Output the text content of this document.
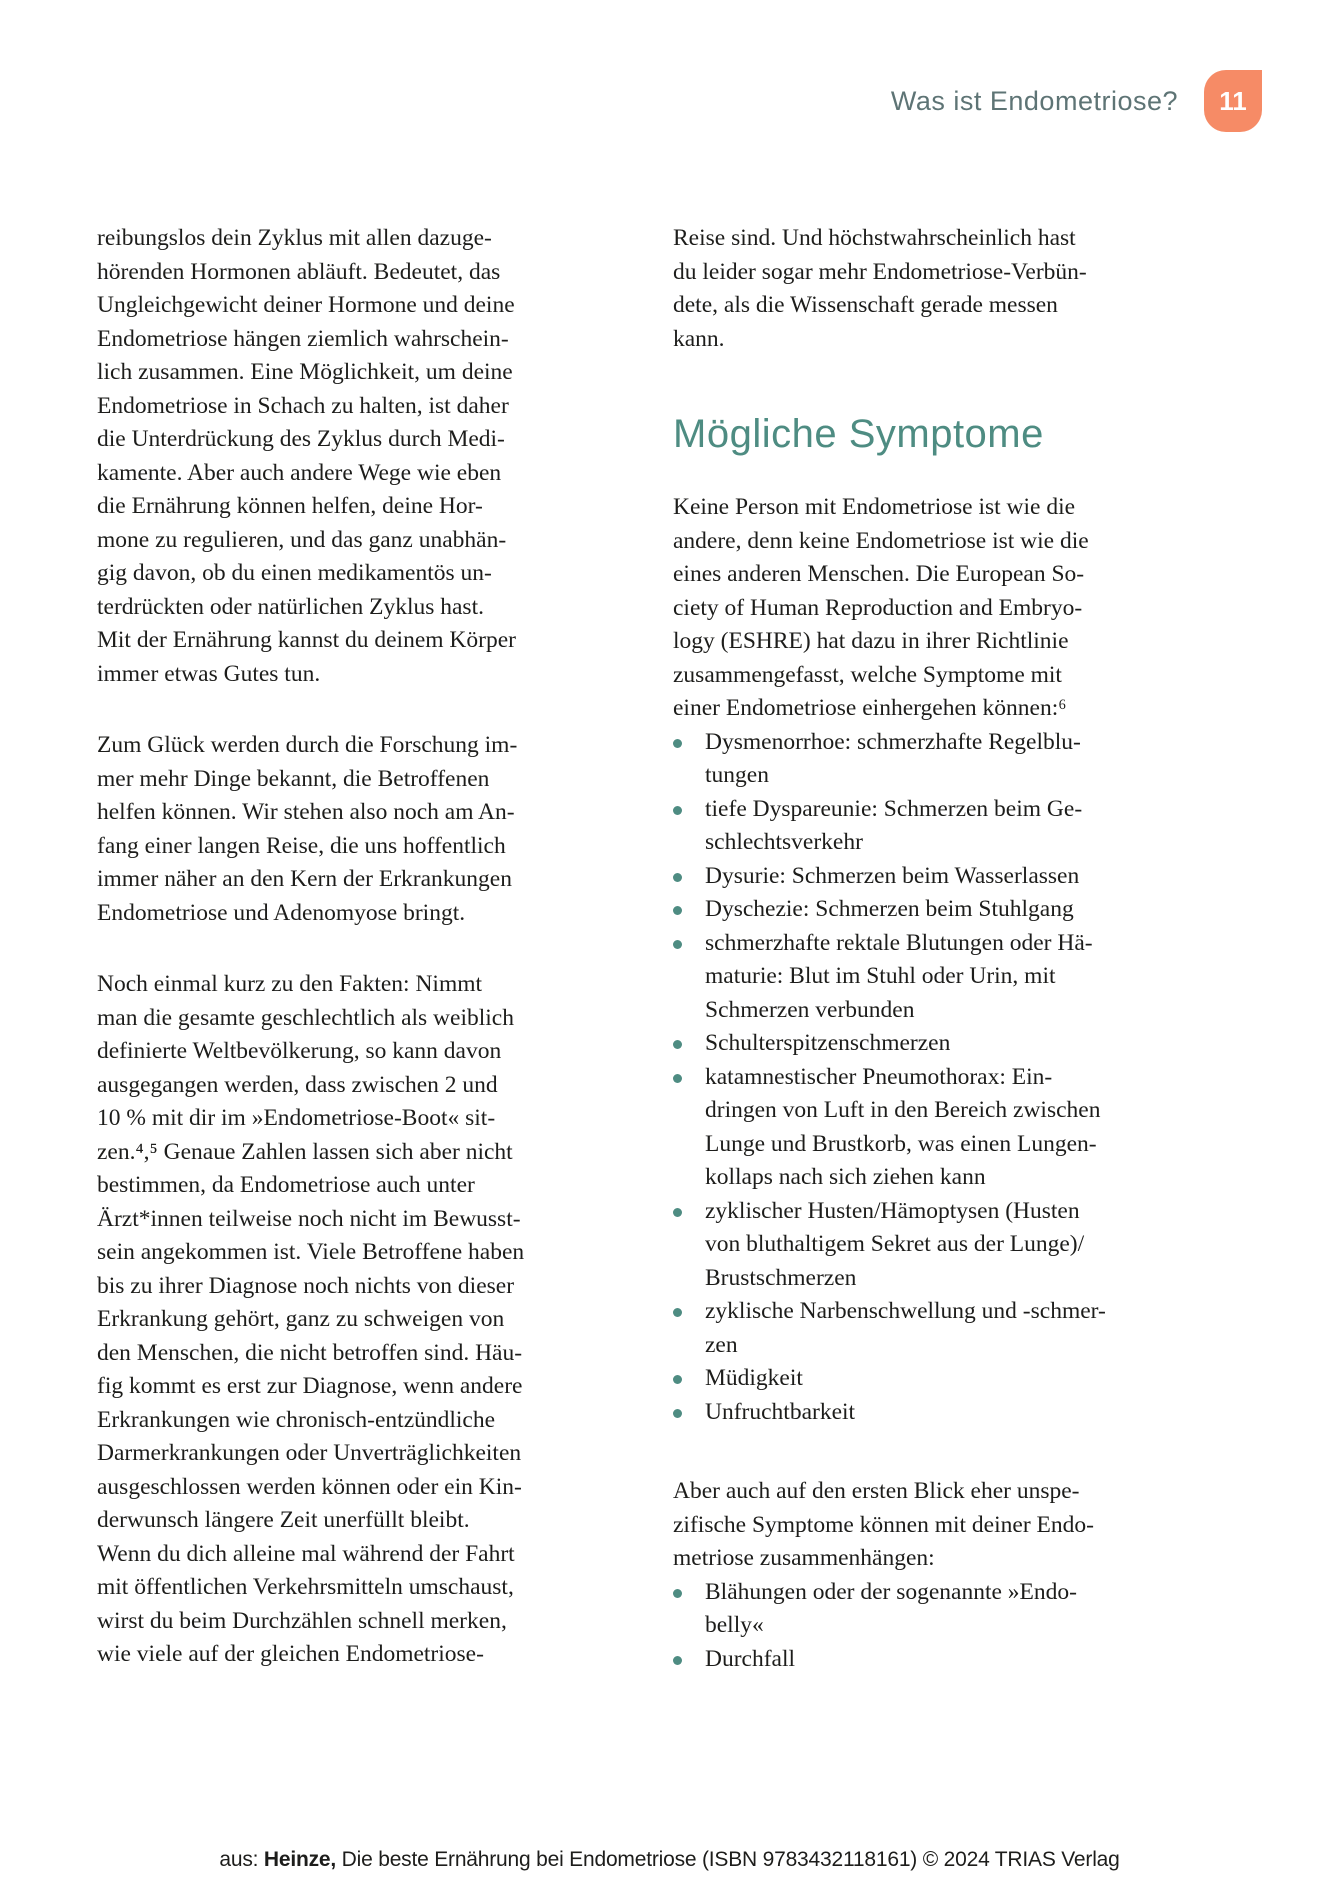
Was ist Endometriose? 11
reibungslos dein Zyklus mit allen dazuge-
hörenden Hormonen abläuft. Bedeutet, das
Ungleichgewicht deiner Hormone und deine
Endometriose hängen ziemlich wahrschein-
lich zusammen. Eine Möglichkeit, um deine
Endometriose in Schach zu halten, ist daher
die Unterdrückung des Zyklus durch Medi-
kamente. Aber auch andere Wege wie eben
die Ernährung können helfen, deine Hor-
mone zu regulieren, und das ganz unabhän-
gig davon, ob du einen medikamentös un-
terdrückten oder natürlichen Zyklus hast.
Mit der Ernährung kannst du deinem Körper
immer etwas Gutes tun.
Zum Glück werden durch die Forschung im-
mer mehr Dinge bekannt, die Betroffenen
helfen können. Wir stehen also noch am An-
fang einer langen Reise, die uns hoffentlich
immer näher an den Kern der Erkrankungen
Endometriose und Adenomyose bringt.
Noch einmal kurz zu den Fakten: Nimmt
man die gesamte geschlechtlich als weiblich
definierte Weltbevölkerung, so kann davon
ausgegangen werden, dass zwischen 2 und
10 % mit dir im »Endometriose-Boot« sit-
zen.⁴,⁵ Genaue Zahlen lassen sich aber nicht
bestimmen, da Endometriose auch unter
Ärzt*innen teilweise noch nicht im Bewusst-
sein angekommen ist. Viele Betroffene haben
bis zu ihrer Diagnose noch nichts von dieser
Erkrankung gehört, ganz zu schweigen von
den Menschen, die nicht betroffen sind. Häu-
fig kommt es erst zur Diagnose, wenn andere
Erkrankungen wie chronisch-entzündliche
Darmerkrankungen oder Unverträglichkeiten
ausgeschlossen werden können oder ein Kin-
derwunsch längere Zeit unerfüllt bleibt.
Wenn du dich alleine mal während der Fahrt
mit öffentlichen Verkehrsmitteln umschaust,
wirst du beim Durchzählen schnell merken,
wie viele auf der gleichen Endometriose-
Reise sind. Und höchstwahrscheinlich hast
du leider sogar mehr Endometriose-Verbün-
dete, als die Wissenschaft gerade messen
kann.
Mögliche Symptome
Keine Person mit Endometriose ist wie die
andere, denn keine Endometriose ist wie die
eines anderen Menschen. Die European So-
ciety of Human Reproduction and Embryo-
logy (ESHRE) hat dazu in ihrer Richtlinie
zusammengefasst, welche Symptome mit
einer Endometriose einhergehen können:⁶
Dysmenorrhoe: schmerzhafte Regelblu-
tungen
tiefe Dyspareunie: Schmerzen beim Ge-
schlechtsverkehr
Dysurie: Schmerzen beim Wasserlassen
Dyschezie: Schmerzen beim Stuhlgang
schmerzhafte rektale Blutungen oder Hä-
maturie: Blut im Stuhl oder Urin, mit
Schmerzen verbunden
Schulterspitzenschmerzen
katamnestischer Pneumothorax: Ein-
dringen von Luft in den Bereich zwischen
Lunge und Brustkorb, was einen Lungen-
kollaps nach sich ziehen kann
zyklischer Husten/Hämoptysen (Husten
von bluthaltigem Sekret aus der Lunge)/
Brustschmerzen
zyklische Narbenschwellung und -schmer-
zen
Müdigkeit
Unfruchtbarkeit
Aber auch auf den ersten Blick eher unspe-
zifische Symptome können mit deiner Endo-
metriose zusammenhängen:
Blähungen oder der sogenannte »Endo-
belly«
Durchfall
aus: Heinze, Die beste Ernährung bei Endometriose (ISBN 9783432118161) © 2024 TRIAS Verlag
